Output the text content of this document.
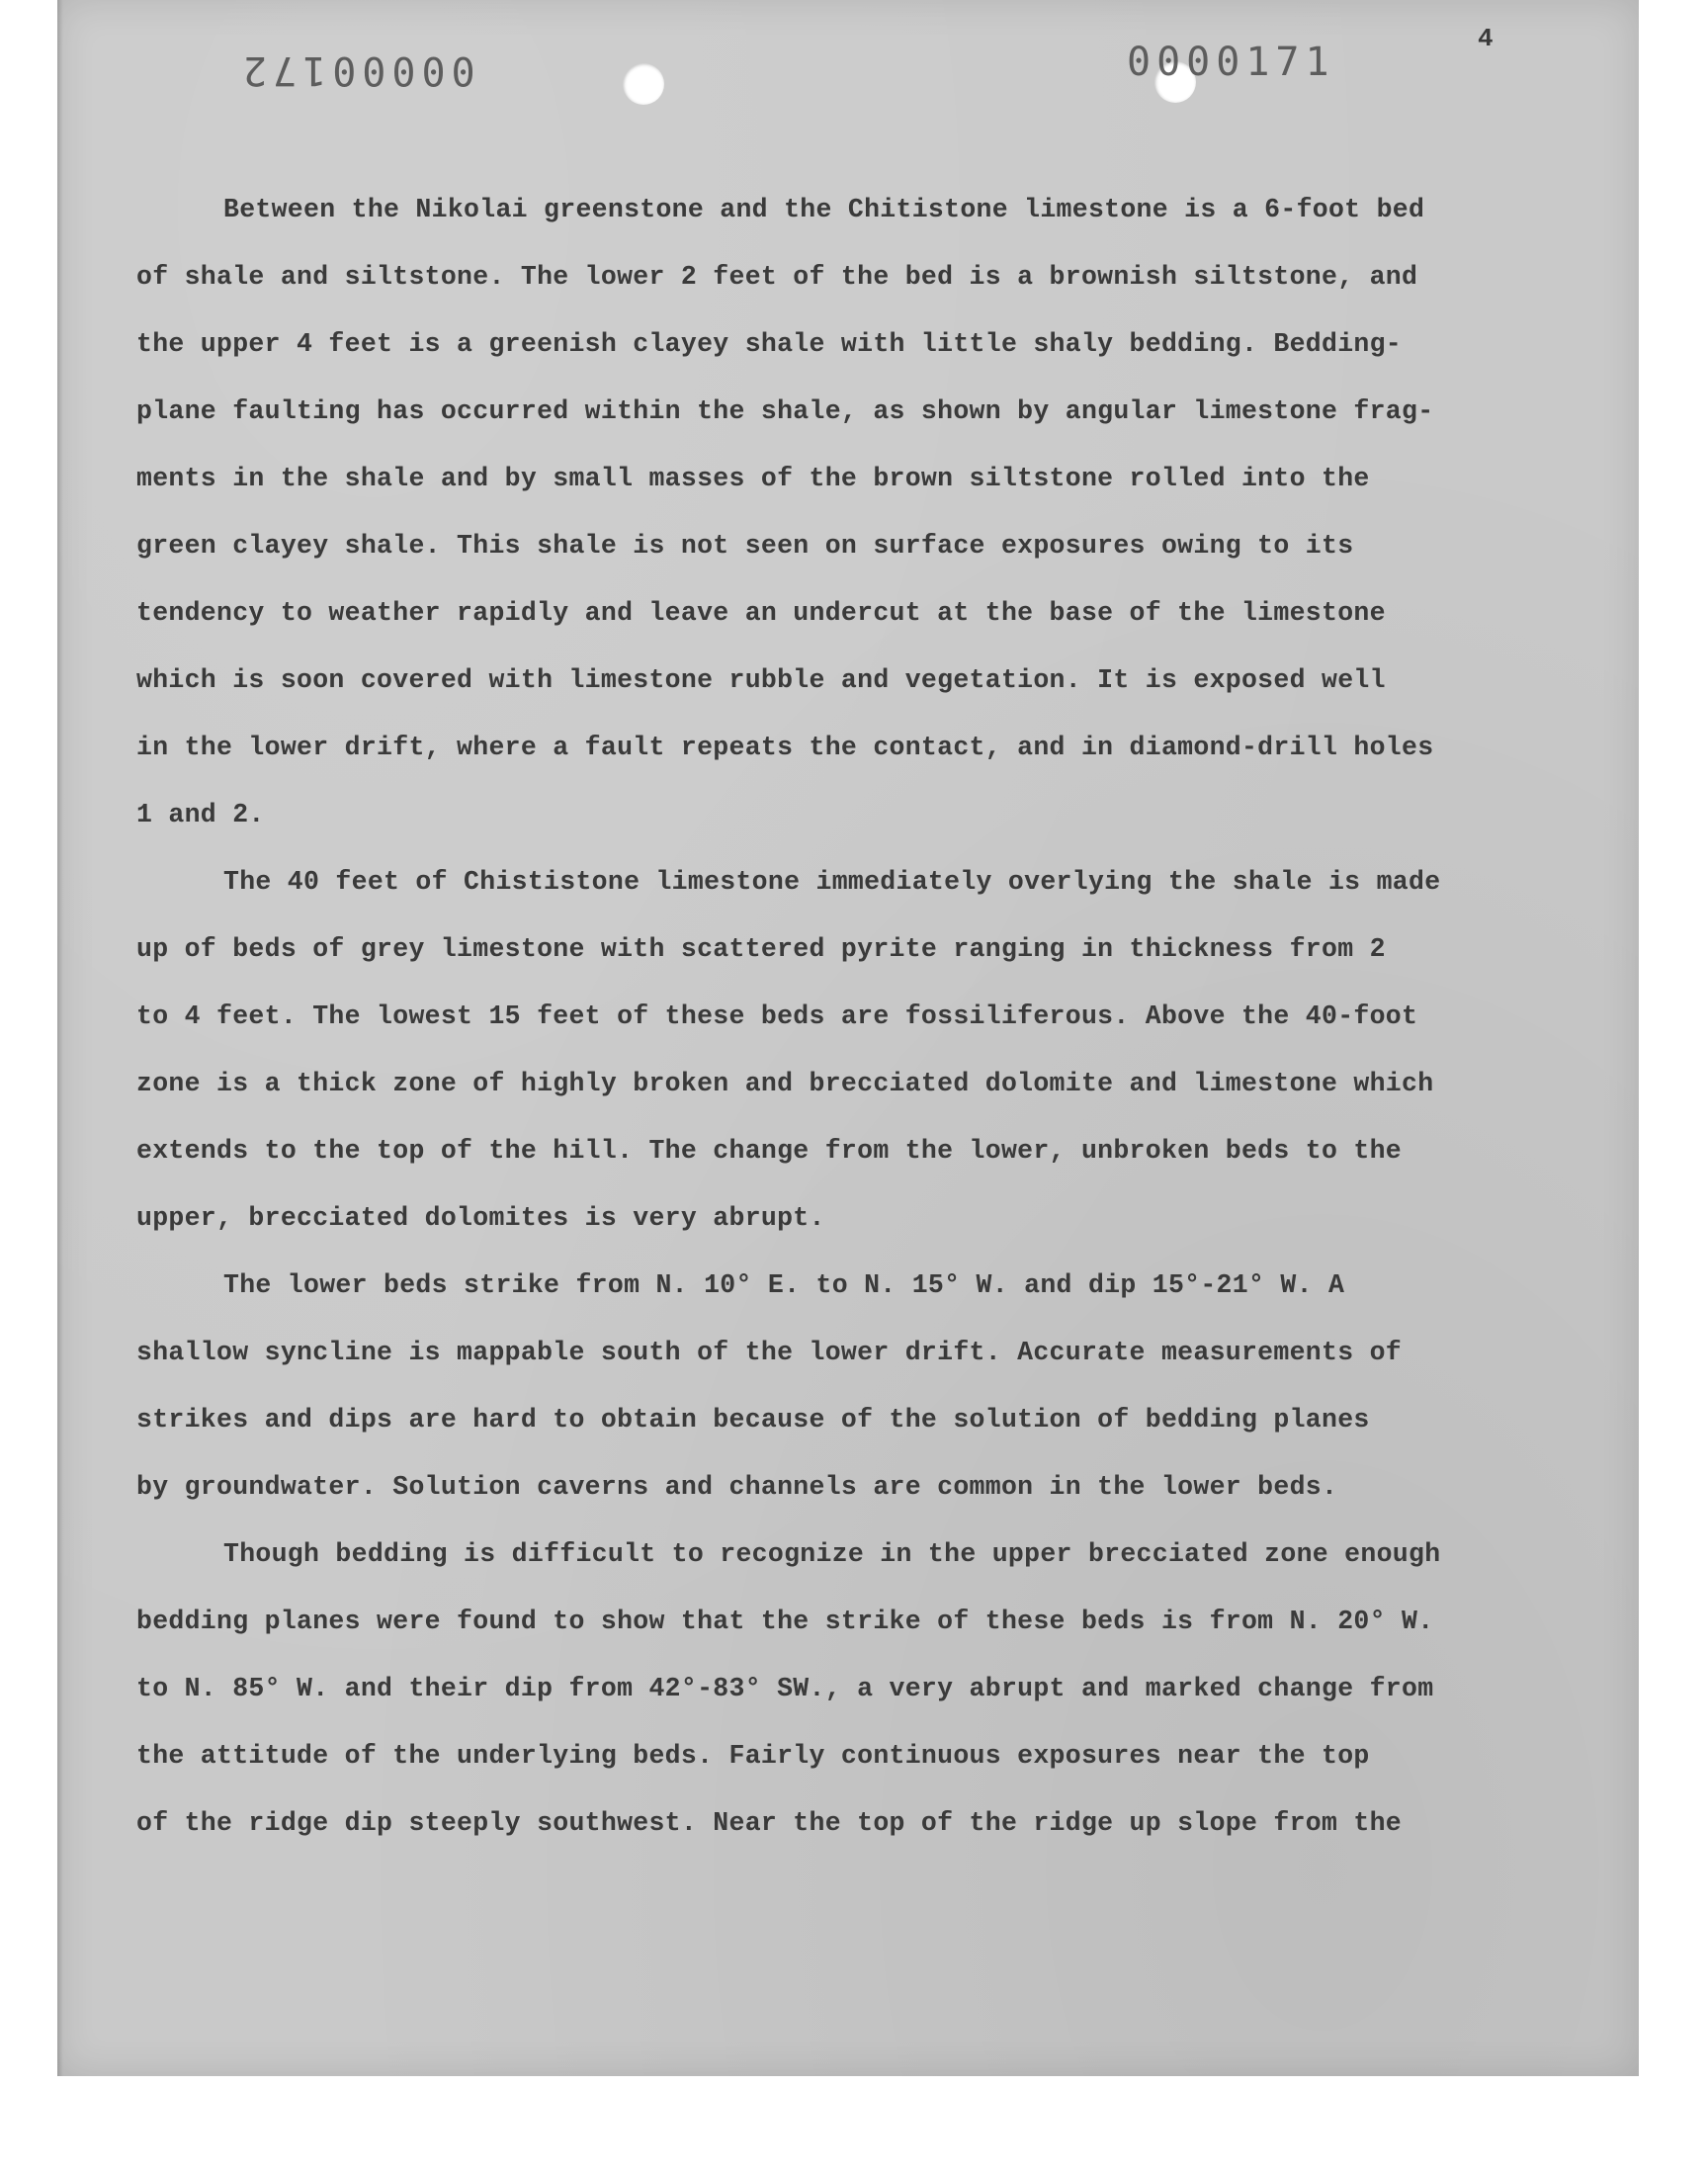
00000172	0000171
4
Between the Nikolai greenstone and the Chitistone limestone is a 6-foot bed
of shale and siltstone. The lower 2 feet of the bed is a brownish siltstone, and
the upper 4 feet is a greenish clayey shale with little shaly bedding. Bedding-
plane faulting has occurred within the shale, as shown by angular limestone frag-
ments in the shale and by small masses of the brown siltstone rolled into the
green clayey shale. This shale is not seen on surface exposures owing to its
tendency to weather rapidly and leave an undercut at the base of the limestone
which is soon covered with limestone rubble and vegetation. It is exposed well
in the lower drift, where a fault repeats the contact, and in diamond-drill holes
1 and 2.
The 40 feet of Chististone limestone immediately overlying the shale is made
up of beds of grey limestone with scattered pyrite ranging in thickness from 2
to 4 feet. The lowest 15 feet of these beds are fossiliferous. Above the 40-foot
zone is a thick zone of highly broken and brecciated dolomite and limestone which
extends to the top of the hill. The change from the lower, unbroken beds to the
upper, brecciated dolomites is very abrupt.
The lower beds strike from N. 10° E. to N. 15° W. and dip 15°-21° W. A
shallow syncline is mappable south of the lower drift. Accurate measurements of
strikes and dips are hard to obtain because of the solution of bedding planes
by groundwater. Solution caverns and channels are common in the lower beds.
Though bedding is difficult to recognize in the upper brecciated zone enough
bedding planes were found to show that the strike of these beds is from N. 20° W.
to N. 85° W. and their dip from 42°-83° SW., a very abrupt and marked change from
the attitude of the underlying beds. Fairly continuous exposures near the top
of the ridge dip steeply southwest. Near the top of the ridge up slope from the
